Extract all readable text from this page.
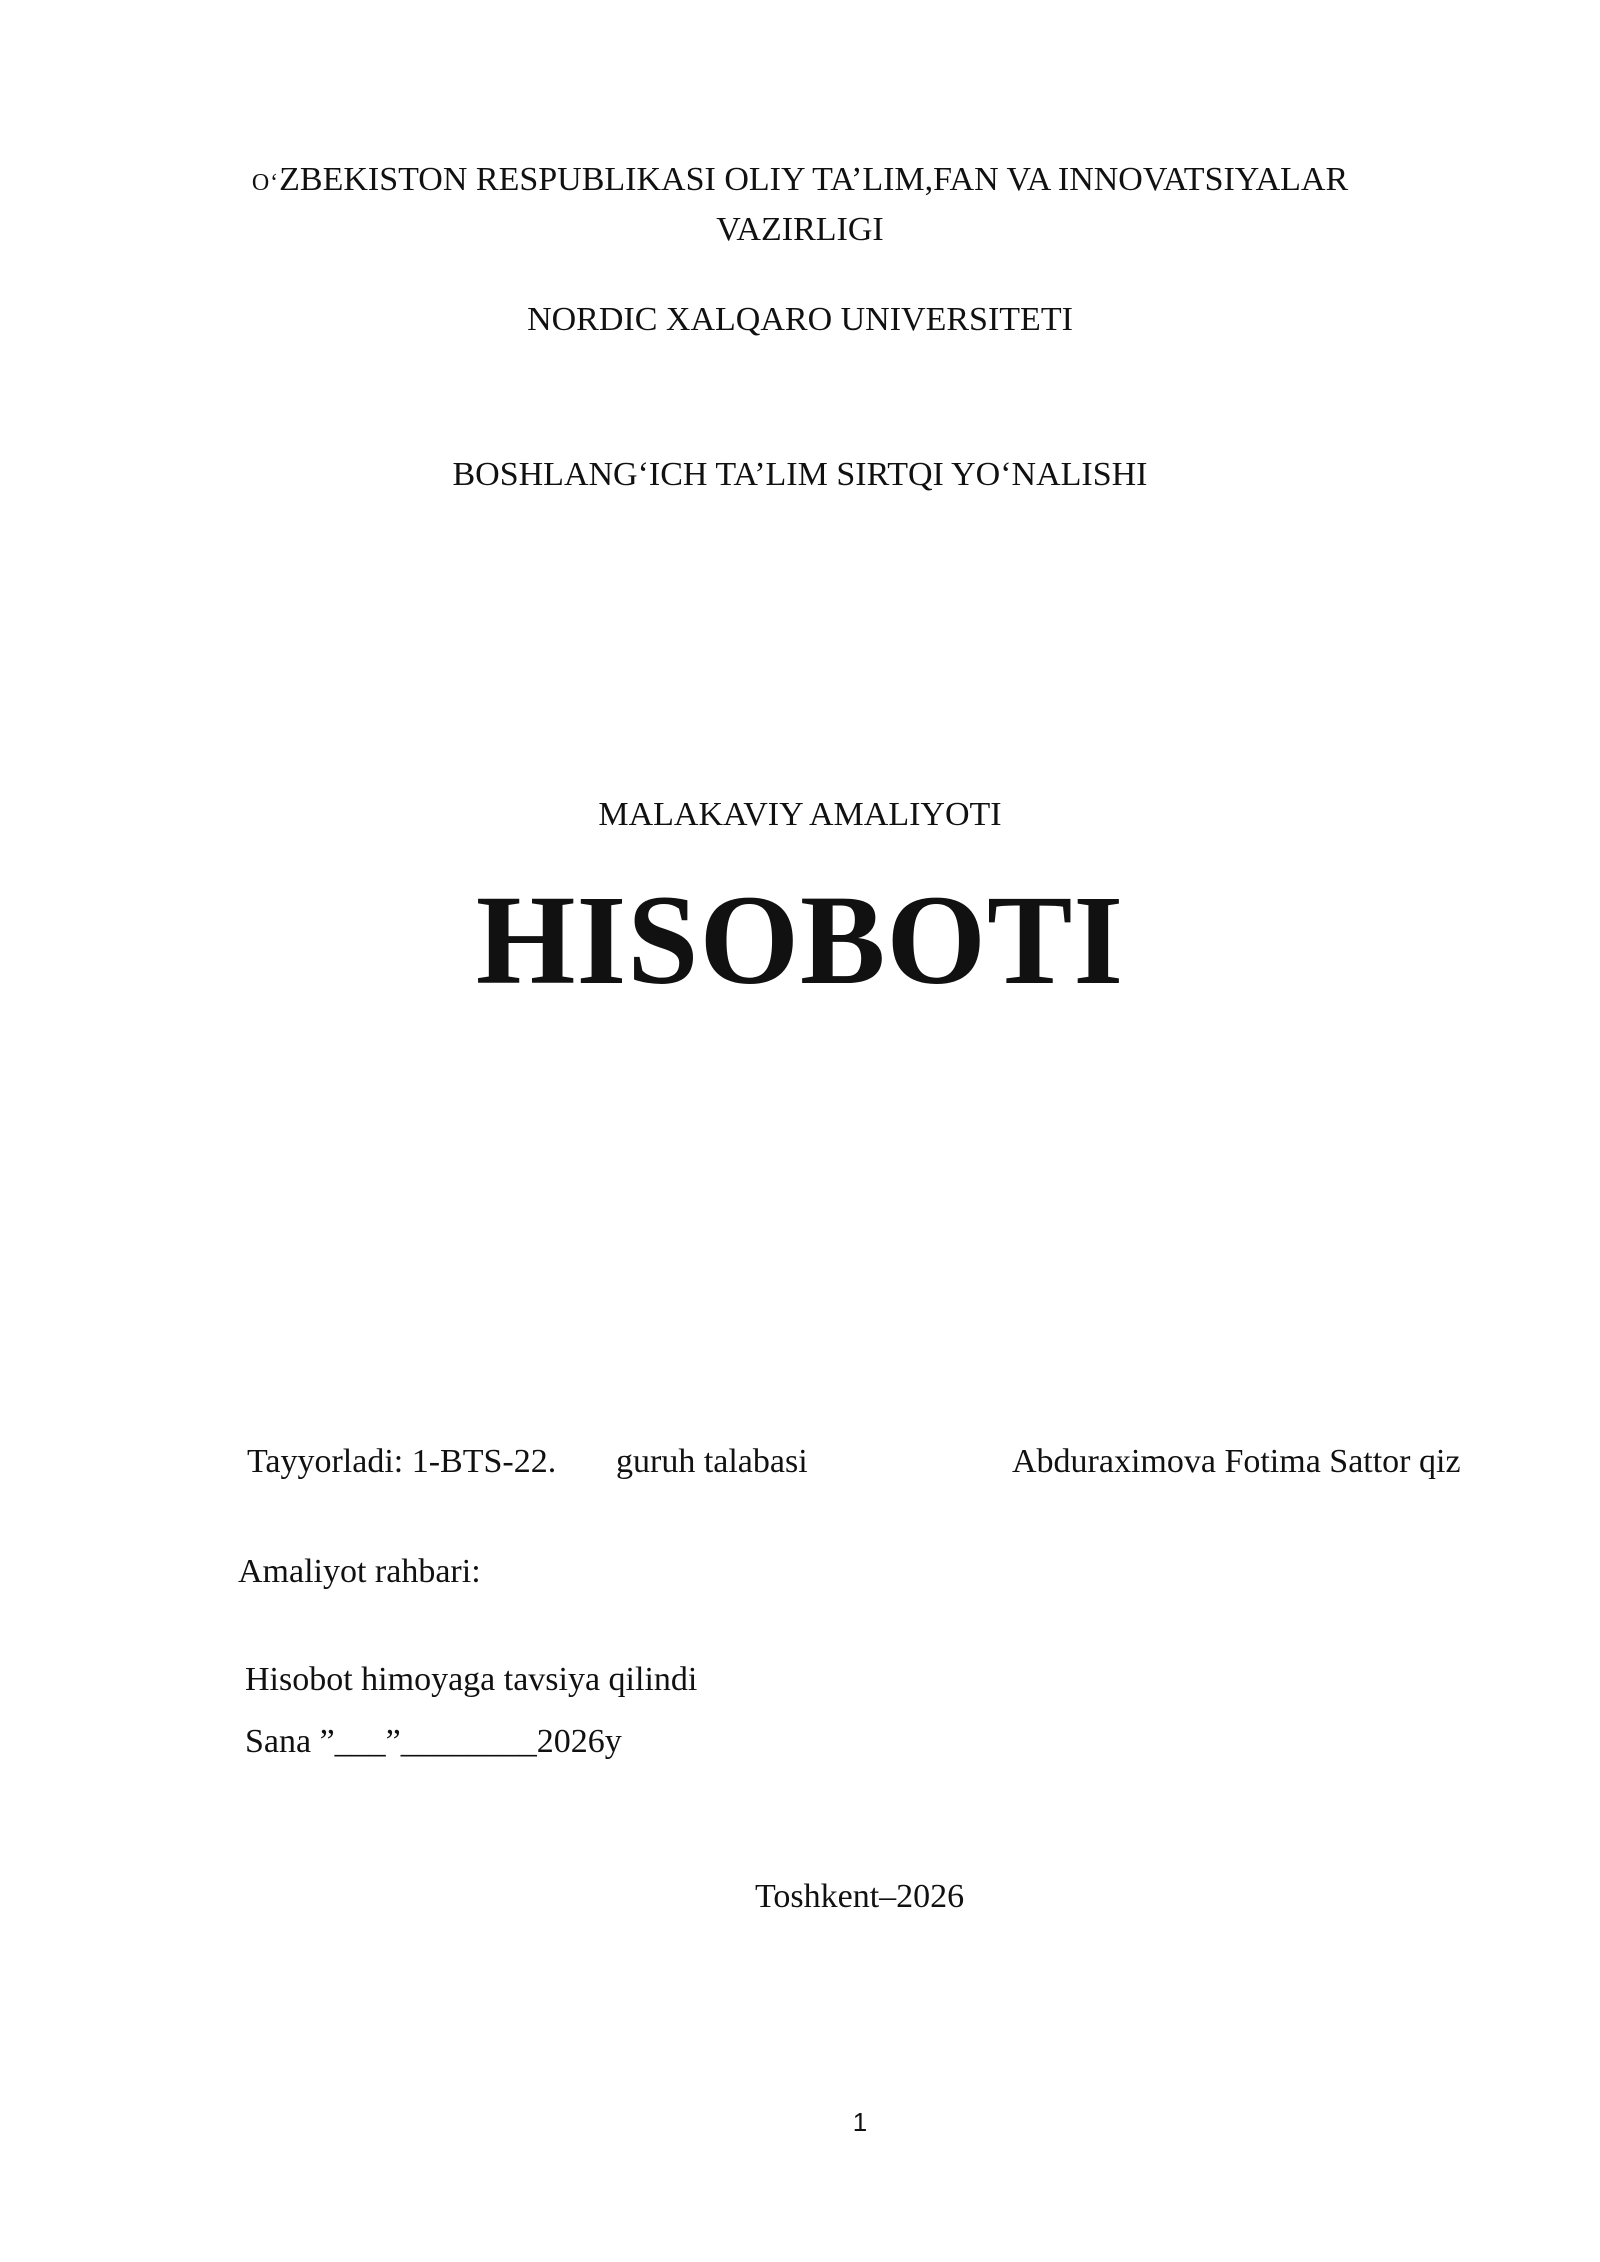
O‘ZBEKISTON RESPUBLIKASI OLIY TA’LIM,FAN VA INNOVATSIYALAR
VAZIRLIGI
NORDIC XALQARO UNIVERSITETI
BOSHLANG‘ICH TA’LIM SIRTQI YO‘NALISHI
MALAKAVIY AMALIYOTI
HISOBOTI
Tayyorladi: 1-BTS-22. guruh talabasi	Abduraximova Fotima Sattor qiz
Amaliyot rahbari:
Hisobot himoyaga tavsiya qilindi
Sana ”___”________2026y
Toshkent–2026
1
